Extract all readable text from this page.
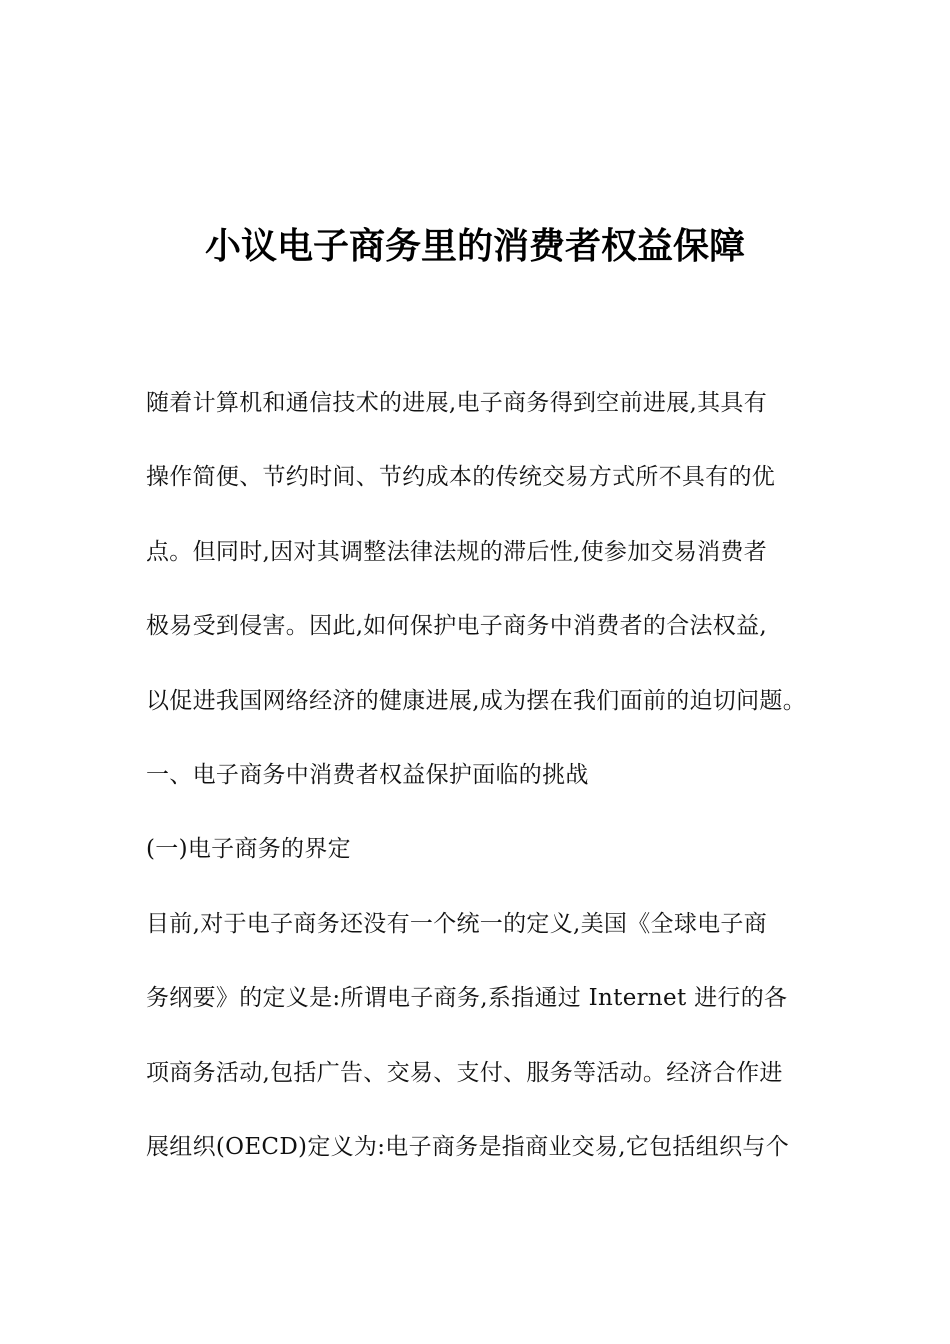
小议电子商务里的消费者权益保障
随着计算机和通信技术的进展,电子商务得到空前进展,其具有
操作简便、节约时间、节约成本的传统交易方式所不具有的优
点。但同时,因对其调整法律法规的滞后性,使参加交易消费者
极易受到侵害。因此,如何保护电子商务中消费者的合法权益,
以促进我国网络经济的健康进展,成为摆在我们面前的迫切问题。
一、电子商务中消费者权益保护面临的挑战
(一)电子商务的界定
目前,对于电子商务还没有一个统一的定义,美国《全球电子商
务纲要》的定义是:所谓电子商务,系指通过 Internet 进行的各
项商务活动,包括广告、交易、支付、服务等活动。经济合作进
展组织(OECD)定义为:电子商务是指商业交易,它包括组织与个
